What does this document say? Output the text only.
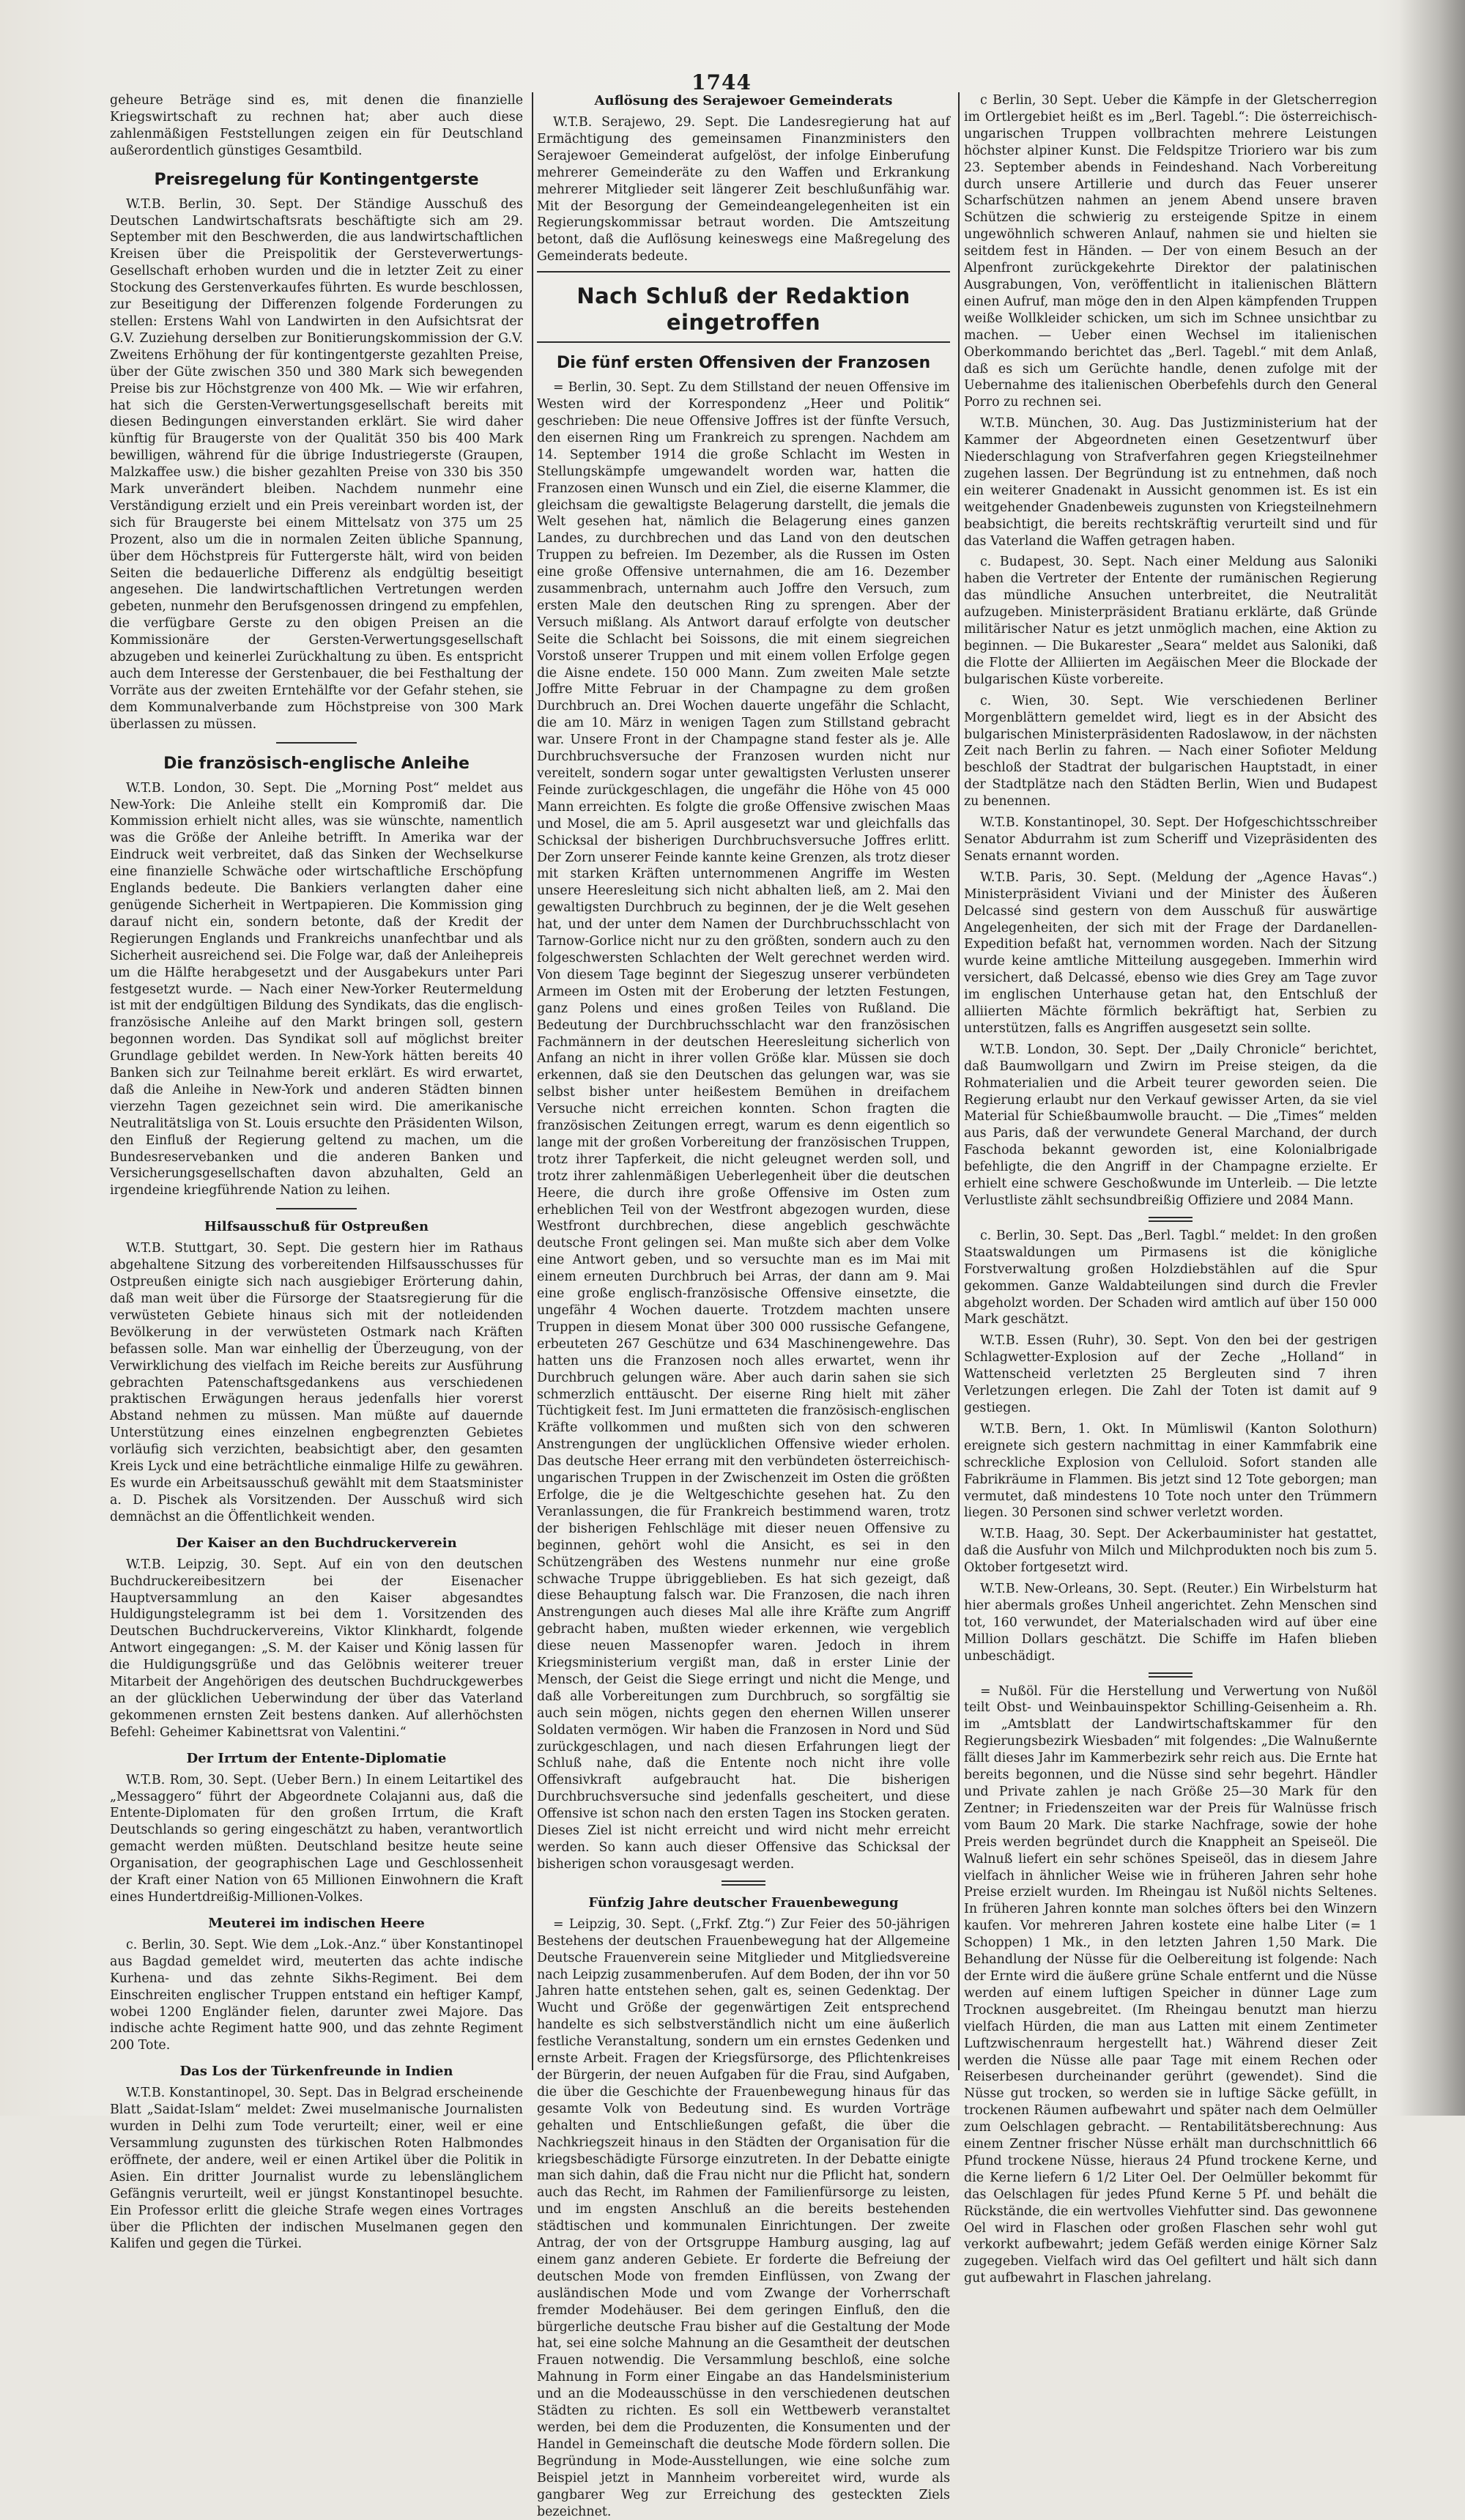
1744

geheure Beträge sind es, mit denen die finanzielle Kriegswirtschaft zu rechnen hat; aber auch diese zahlenmäßigen Feststellungen zeigen ein für Deutschland außerordentlich günstiges Gesamtbild.

Preisregelung für Kontingentgerste

W.T.B. Berlin, 30. Sept. Der Ständige Ausschuß des Deutschen Landwirtschaftsrats beschäftigte sich am 29. September mit den Beschwerden, die aus landwirtschaftlichen Kreisen über die Preispolitik der Gersteverwertungs-Gesellschaft erhoben wurden und die in letzter Zeit zu einer Stockung des Gerstenverkaufes führten. Es wurde beschlossen, zur Beseitigung der Differenzen folgende Forderungen zu stellen: Erstens Wahl von Landwirten in den Aufsichtsrat der G.V. Zuziehung derselben zur Bonitierungskommission der G.V. Zweitens Erhöhung der für kontingentgerste gezahlten Preise, über der Güte zwischen 350 und 380 Mark sich bewegenden Preise bis zur Höchstgrenze von 400 Mk. — Wie wir erfahren, hat sich die Gersten-Verwertungsgesellschaft bereits mit diesen Bedingungen einverstanden erklärt. Sie wird daher künftig für Braugerste von der Qualität 350 bis 400 Mark bewilligen, während für die übrige Industriegerste (Graupen, Malzkaffee usw.) die bisher gezahlten Preise von 330 bis 350 Mark unverändert bleiben. Nachdem nunmehr eine Verständigung erzielt und ein Preis vereinbart worden ist, der sich für Braugerste bei einem Mittelsatz von 375 um 25 Prozent, also um die in normalen Zeiten übliche Spannung, über dem Höchstpreis für Futtergerste hält, wird von beiden Seiten die bedauerliche Differenz als endgültig beseitigt angesehen. Die landwirtschaftlichen Vertretungen werden gebeten, nunmehr den Berufsgenossen dringend zu empfehlen, die verfügbare Gerste zu den obigen Preisen an die Kommissionäre der Gersten-Verwertungsgesellschaft abzugeben und keinerlei Zurückhaltung zu üben. Es entspricht auch dem Interesse der Gerstenbauer, die bei Festhaltung der Vorräte aus der zweiten Erntehälfte vor der Gefahr stehen, sie dem Kommunalverbande zum Höchstpreise von 300 Mark überlassen zu müssen.

Die französisch-englische Anleihe

W.T.B. London, 30. Sept. Die „Morning Post“ meldet aus New-York: Die Anleihe stellt ein Kompromiß dar. Die Kommission erhielt nicht alles, was sie wünschte, namentlich was die Größe der Anleihe betrifft. In Amerika war der Eindruck weit verbreitet, daß das Sinken der Wechselkurse eine finanzielle Schwäche oder wirtschaftliche Erschöpfung Englands bedeute. Die Bankiers verlangten daher eine genügende Sicherheit in Wertpapieren. Die Kommission ging darauf nicht ein, sondern betonte, daß der Kredit der Regierungen Englands und Frankreichs unanfechtbar und als Sicherheit ausreichend sei. Die Folge war, daß der Anleihepreis um die Hälfte herabgesetzt und der Ausgabekurs unter Pari festgesetzt wurde. — Nach einer New-Yorker Reutermeldung ist mit der endgültigen Bildung des Syndikats, das die englisch-französische Anleihe auf den Markt bringen soll, gestern begonnen worden. Das Syndikat soll auf möglichst breiter Grundlage gebildet werden. In New-York hätten bereits 40 Banken sich zur Teilnahme bereit erklärt. Es wird erwartet, daß die Anleihe in New-York und anderen Städten binnen vierzehn Tagen gezeichnet sein wird. Die amerikanische Neutralitätsliga von St. Louis ersuchte den Präsidenten Wilson, den Einfluß der Regierung geltend zu machen, um die Bundesreservebanken und die anderen Banken und Versicherungsgesellschaften davon abzuhalten, Geld an irgendeine kriegführende Nation zu leihen.

Hilfsausschuß für Ostpreußen

W.T.B. Stuttgart, 30. Sept. Die gestern hier im Rathaus abgehaltene Sitzung des vorbereitenden Hilfsausschusses für Ostpreußen einigte sich nach ausgiebiger Erörterung dahin, daß man weit über die Fürsorge der Staatsregierung für die verwüsteten Gebiete hinaus sich mit der notleidenden Bevölkerung in der verwüsteten Ostmark nach Kräften befassen solle. Man war einhellig der Überzeugung, von der Verwirklichung des vielfach im Reiche bereits zur Ausführung gebrachten Patenschaftsgedankens aus verschiedenen praktischen Erwägungen heraus jedenfalls hier vorerst Abstand nehmen zu müssen. Man müßte auf dauernde Unterstützung eines einzelnen engbegrenzten Gebietes vorläufig sich verzichten, beabsichtigt aber, den gesamten Kreis Lyck und eine beträchtliche einmalige Hilfe zu gewähren. Es wurde ein Arbeitsausschuß gewählt mit dem Staatsminister a. D. Pischek als Vorsitzenden. Der Ausschuß wird sich demnächst an die Öffentlichkeit wenden.

Der Kaiser an den Buchdruckerverein

W.T.B. Leipzig, 30. Sept. Auf ein von den deutschen Buchdruckereibesitzern bei der Eisenacher Hauptversammlung an den Kaiser abgesandtes Huldigungstelegramm ist bei dem 1. Vorsitzenden des Deutschen Buchdruckervereins, Viktor Klinkhardt, folgende Antwort eingegangen: „S. M. der Kaiser und König lassen für die Huldigungsgrüße und das Gelöbnis weiterer treuer Mitarbeit der Angehörigen des deutschen Buchdruckgewerbes an der glücklichen Ueberwindung der über das Vaterland gekommenen ernsten Zeit bestens danken. Auf allerhöchsten Befehl: Geheimer Kabinettsrat von Valentini.“

Der Irrtum der Entente-Diplomatie

W.T.B. Rom, 30. Sept. (Ueber Bern.) In einem Leitartikel des „Messaggero“ führt der Abgeordnete Colajanni aus, daß die Entente-Diplomaten für den großen Irrtum, die Kraft Deutschlands so gering eingeschätzt zu haben, verantwortlich gemacht werden müßten. Deutschland besitze heute seine Organisation, der geographischen Lage und Geschlossenheit der Kraft einer Nation von 65 Millionen Einwohnern die Kraft eines Hundertdreißig-Millionen-Volkes.

Meuterei im indischen Heere

c. Berlin, 30. Sept. Wie dem „Lok.-Anz.“ über Konstantinopel aus Bagdad gemeldet wird, meuterten das achte indische Kurhena- und das zehnte Sikhs-Regiment. Bei dem Einschreiten englischer Truppen entstand ein heftiger Kampf, wobei 1200 Engländer fielen, darunter zwei Majore. Das indische achte Regiment hatte 900, und das zehnte Regiment 200 Tote.

Das Los der Türkenfreunde in Indien

W.T.B. Konstantinopel, 30. Sept. Das in Belgrad erscheinende Blatt „Saidat-Islam“ meldet: Zwei muselmanische Journalisten wurden in Delhi zum Tode verurteilt; einer, weil er eine Versammlung zugunsten des türkischen Roten Halbmondes eröffnete, der andere, weil er einen Artikel über die Politik in Asien. Ein dritter Journalist wurde zu lebenslänglichem Gefängnis verurteilt, weil er jüngst Konstantinopel besuchte. Ein Professor erlitt die gleiche Strafe wegen eines Vortrages über die Pflichten der indischen Muselmanen gegen den Kalifen und gegen die Türkei.

Auflösung des Serajewoer Gemeinderats

W.T.B. Serajewo, 29. Sept. Die Landesregierung hat auf Ermächtigung des gemeinsamen Finanzministers den Serajewoer Gemeinderat aufgelöst, der infolge Einberufung mehrerer Gemeinderäte zu den Waffen und Erkrankung mehrerer Mitglieder seit längerer Zeit beschlußunfähig war. Mit der Besorgung der Gemeindeangelegenheiten ist ein Regierungskommissar betraut worden. Die Amtszeitung betont, daß die Auflösung keineswegs eine Maßregelung des Gemeinderats bedeute.

Nach Schluß der Redaktion eingetroffen
Die fünf ersten Offensiven der Franzosen

= Berlin, 30. Sept. Zu dem Stillstand der neuen Offensive im Westen wird der Korrespondenz „Heer und Politik“ geschrieben: Die neue Offensive Joffres ist der fünfte Versuch, den eisernen Ring um Frankreich zu sprengen. Nachdem am 14. September 1914 die große Schlacht im Westen in Stellungskämpfe umgewandelt worden war, hatten die Franzosen einen Wunsch und ein Ziel, die eiserne Klammer, die gleichsam die gewaltigste Belagerung darstellt, die jemals die Welt gesehen hat, nämlich die Belagerung eines ganzen Landes, zu durchbrechen und das Land von den deutschen Truppen zu befreien. Im Dezember, als die Russen im Osten eine große Offensive unternahmen, die am 16. Dezember zusammenbrach, unternahm auch Joffre den Versuch, zum ersten Male den deutschen Ring zu sprengen. Aber der Versuch mißlang. Als Antwort darauf erfolgte von deutscher Seite die Schlacht bei Soissons, die mit einem siegreichen Vorstoß unserer Truppen und mit einem vollen Erfolge gegen die Aisne endete. 150 000 Mann. Zum zweiten Male setzte Joffre Mitte Februar in der Champagne zu dem großen Durchbruch an. Drei Wochen dauerte ungefähr die Schlacht, die am 10. März in wenigen Tagen zum Stillstand gebracht war. Unsere Front in der Champagne stand fester als je. Alle Durchbruchsversuche der Franzosen wurden nicht nur vereitelt, sondern sogar unter gewaltigsten Verlusten unserer Feinde zurückgeschlagen, die ungefähr die Höhe von 45 000 Mann erreichten. Es folgte die große Offensive zwischen Maas und Mosel, die am 5. April ausgesetzt war und gleichfalls das Schicksal der bisherigen Durchbruchsversuche Joffres erlitt. Der Zorn unserer Feinde kannte keine Grenzen, als trotz dieser mit starken Kräften unternommenen Angriffe im Westen unsere Heeresleitung sich nicht abhalten ließ, am 2. Mai den gewaltigsten Durchbruch zu beginnen, der je die Welt gesehen hat, und der unter dem Namen der Durchbruchsschlacht von Tarnow-Gorlice nicht nur zu den größten, sondern auch zu den folgeschwersten Schlachten der Welt gerechnet werden wird. Von diesem Tage beginnt der Siegeszug unserer verbündeten Armeen im Osten mit der Eroberung der letzten Festungen, ganz Polens und eines großen Teiles von Rußland. Die Bedeutung der Durchbruchsschlacht war den französischen Fachmännern in der deutschen Heeresleitung sicherlich von Anfang an nicht in ihrer vollen Größe klar. Müssen sie doch erkennen, daß sie den Deutschen das gelungen war, was sie selbst bisher unter heißestem Bemühen in dreifachem Versuche nicht erreichen konnten. Schon fragten die französischen Zeitungen erregt, warum es denn eigentlich so lange mit der großen Vorbereitung der französischen Truppen, trotz ihrer Tapferkeit, die nicht geleugnet werden soll, und trotz ihrer zahlenmäßigen Ueberlegenheit über die deutschen Heere, die durch ihre große Offensive im Osten zum erheblichen Teil von der Westfront abgezogen wurden, diese Westfront durchbrechen, diese angeblich geschwächte deutsche Front gelingen sei. Man mußte sich aber dem Volke eine Antwort geben, und so versuchte man es im Mai mit einem erneuten Durchbruch bei Arras, der dann am 9. Mai eine große englisch-französische Offensive einsetzte, die ungefähr 4 Wochen dauerte. Trotzdem machten unsere Truppen in diesem Monat über 300 000 russische Gefangene, erbeuteten 267 Geschütze und 634 Maschinengewehre. Das hatten uns die Franzosen noch alles erwartet, wenn ihr Durchbruch gelungen wäre. Aber auch darin sahen sie sich schmerzlich enttäuscht. Der eiserne Ring hielt mit zäher Tüchtigkeit fest. Im Juni ermatteten die französisch-englischen Kräfte vollkommen und mußten sich von den schweren Anstrengungen der unglücklichen Offensive wieder erholen. Das deutsche Heer errang mit den verbündeten österreichisch-ungarischen Truppen in der Zwischenzeit im Osten die größten Erfolge, die je die Weltgeschichte gesehen hat. Zu den Veranlassungen, die für Frankreich bestimmend waren, trotz der bisherigen Fehlschläge mit dieser neuen Offensive zu beginnen, gehört wohl die Ansicht, es sei in den Schützengräben des Westens nunmehr nur eine große schwache Truppe übriggeblieben. Es hat sich gezeigt, daß diese Behauptung falsch war. Die Franzosen, die nach ihren Anstrengungen auch dieses Mal alle ihre Kräfte zum Angriff gebracht haben, mußten wieder erkennen, wie vergeblich diese neuen Massenopfer waren. Jedoch in ihrem Kriegsministerium vergißt man, daß in erster Linie der Mensch, der Geist die Siege erringt und nicht die Menge, und daß alle Vorbereitungen zum Durchbruch, so sorgfältig sie auch sein mögen, nichts gegen den ehernen Willen unserer Soldaten vermögen. Wir haben die Franzosen in Nord und Süd zurückgeschlagen, und nach diesen Erfahrungen liegt der Schluß nahe, daß die Entente noch nicht ihre volle Offensivkraft aufgebraucht hat. Die bisherigen Durchbruchsversuche sind jedenfalls gescheitert, und diese Offensive ist schon nach den ersten Tagen ins Stocken geraten. Dieses Ziel ist nicht erreicht und wird nicht mehr erreicht werden. So kann auch dieser Offensive das Schicksal der bisherigen schon vorausgesagt werden.

Fünfzig Jahre deutscher Frauenbewegung

= Leipzig, 30. Sept. („Frkf. Ztg.“) Zur Feier des 50-jährigen Bestehens der deutschen Frauenbewegung hat der Allgemeine Deutsche Frauenverein seine Mitglieder und Mitgliedsvereine nach Leipzig zusammenberufen. Auf dem Boden, der ihn vor 50 Jahren hatte entstehen sehen, galt es, seinen Gedenktag. Der Wucht und Größe der gegenwärtigen Zeit entsprechend handelte es sich selbstverständlich nicht um eine äußerlich festliche Veranstaltung, sondern um ein ernstes Gedenken und ernste Arbeit. Fragen der Kriegsfürsorge, des Pflichtenkreises der Bürgerin, der neuen Aufgaben für die Frau, sind Aufgaben, die über die Geschichte der Frauenbewegung hinaus für das gesamte Volk von Bedeutung sind. Es wurden Vorträge gehalten und Entschließungen gefaßt, die über die Nachkriegszeit hinaus in den Städten der Organisation für die kriegsbeschädigte Fürsorge einzutreten. In der Debatte einigte man sich dahin, daß die Frau nicht nur die Pflicht hat, sondern auch das Recht, im Rahmen der Familienfürsorge zu leisten, und im engsten Anschluß an die bereits bestehenden städtischen und kommunalen Einrichtungen. Der zweite Antrag, der von der Ortsgruppe Hamburg ausging, lag auf einem ganz anderen Gebiete. Er forderte die Befreiung der deutschen Mode von fremden Einflüssen, von Zwang der ausländischen Mode und vom Zwange der Vorherrschaft fremder Modehäuser. Bei dem geringen Einfluß, den die bürgerliche deutsche Frau bisher auf die Gestaltung der Mode hat, sei eine solche Mahnung an die Gesamtheit der deutschen Frauen notwendig. Die Versammlung beschloß, eine solche Mahnung in Form einer Eingabe an das Handelsministerium und an die Modeausschüsse in den verschiedenen deutschen Städten zu richten. Es soll ein Wettbewerb veranstaltet werden, bei dem die Produzenten, die Konsumenten und der Handel in Gemeinschaft die deutsche Mode fördern sollen. Die Begründung in Mode-Ausstellungen, wie eine solche zum Beispiel jetzt in Mannheim vorbereitet wird, wurde als gangbarer Weg zur Erreichung des gesteckten Ziels bezeichnet.

c Berlin, 30 Sept. Ueber die Kämpfe in der Gletscherregion im Ortlergebiet heißt es im „Berl. Tagebl.“: Die österreichisch-ungarischen Truppen vollbrachten mehrere Leistungen höchster alpiner Kunst. Die Feldspitze Trioriero war bis zum 23. September abends in Feindeshand. Nach Vorbereitung durch unsere Artillerie und durch das Feuer unserer Scharfschützen nahmen an jenem Abend unsere braven Schützen die schwierig zu ersteigende Spitze in einem ungewöhnlich schweren Anlauf, nahmen sie und hielten sie seitdem fest in Händen. — Der von einem Besuch an der Alpenfront zurückgekehrte Direktor der palatinischen Ausgrabungen, Von, veröffentlicht in italienischen Blättern einen Aufruf, man möge den in den Alpen kämpfenden Truppen weiße Wollkleider schicken, um sich im Schnee unsichtbar zu machen. — Ueber einen Wechsel im italienischen Oberkommando berichtet das „Berl. Tagebl.“ mit dem Anlaß, daß es sich um Gerüchte handle, denen zufolge mit der Uebernahme des italienischen Oberbefehls durch den General Porro zu rechnen sei.

W.T.B. München, 30. Aug. Das Justizministerium hat der Kammer der Abgeordneten einen Gesetzentwurf über Niederschlagung von Strafverfahren gegen Kriegsteilnehmer zugehen lassen. Der Begründung ist zu entnehmen, daß noch ein weiterer Gnadenakt in Aussicht genommen ist. Es ist ein weitgehender Gnadenbeweis zugunsten von Kriegsteilnehmern beabsichtigt, die bereits rechtskräftig verurteilt sind und für das Vaterland die Waffen getragen haben.

c. Budapest, 30. Sept. Nach einer Meldung aus Saloniki haben die Vertreter der Entente der rumänischen Regierung das mündliche Ansuchen unterbreitet, die Neutralität aufzugeben. Ministerpräsident Bratianu erklärte, daß Gründe militärischer Natur es jetzt unmöglich machen, eine Aktion zu beginnen. — Die Bukarester „Seara“ meldet aus Saloniki, daß die Flotte der Alliierten im Aegäischen Meer die Blockade der bulgarischen Küste vorbereite.

c. Wien, 30. Sept. Wie verschiedenen Berliner Morgenblättern gemeldet wird, liegt es in der Absicht des bulgarischen Ministerpräsidenten Radoslawow, in der nächsten Zeit nach Berlin zu fahren. — Nach einer Sofioter Meldung beschloß der Stadtrat der bulgarischen Hauptstadt, in einer der Stadtplätze nach den Städten Berlin, Wien und Budapest zu benennen.

W.T.B. Konstantinopel, 30. Sept. Der Hofgeschichtsschreiber Senator Abdurrahm ist zum Scheriff und Vizepräsidenten des Senats ernannt worden.

W.T.B. Paris, 30. Sept. (Meldung der „Agence Havas“.) Ministerpräsident Viviani und der Minister des Äußeren Delcassé sind gestern von dem Ausschuß für auswärtige Angelegenheiten, der sich mit der Frage der Dardanellen-Expedition befaßt hat, vernommen worden. Nach der Sitzung wurde keine amtliche Mitteilung ausgegeben. Immerhin wird versichert, daß Delcassé, ebenso wie dies Grey am Tage zuvor im englischen Unterhause getan hat, den Entschluß der alliierten Mächte förmlich bekräftigt hat, Serbien zu unterstützen, falls es Angriffen ausgesetzt sein sollte.

W.T.B. London, 30. Sept. Der „Daily Chronicle“ berichtet, daß Baumwollgarn und Zwirn im Preise steigen, da die Rohmaterialien und die Arbeit teurer geworden seien. Die Regierung erlaubt nur den Verkauf gewisser Arten, da sie viel Material für Schießbaumwolle braucht. — Die „Times“ melden aus Paris, daß der verwundete General Marchand, der durch Faschoda bekannt geworden ist, eine Kolonialbrigade befehligte, die den Angriff in der Champagne erzielte. Er erhielt eine schwere Geschoßwunde im Unterleib. — Die letzte Verlustliste zählt sechsundbreißig Offiziere und 2084 Mann.

c. Berlin, 30. Sept. Das „Berl. Tagbl.“ meldet: In den großen Staatswaldungen um Pirmasens ist die königliche Forstverwaltung großen Holzdiebstählen auf die Spur gekommen. Ganze Waldabteilungen sind durch die Frevler abgeholzt worden. Der Schaden wird amtlich auf über 150 000 Mark geschätzt.

W.T.B. Essen (Ruhr), 30. Sept. Von den bei der gestrigen Schlagwetter-Explosion auf der Zeche „Holland“ in Wattenscheid verletzten 25 Bergleuten sind 7 ihren Verletzungen erlegen. Die Zahl der Toten ist damit auf 9 gestiegen.

W.T.B. Bern, 1. Okt. In Mümliswil (Kanton Solothurn) ereignete sich gestern nachmittag in einer Kammfabrik eine schreckliche Explosion von Celluloid. Sofort standen alle Fabrikräume in Flammen. Bis jetzt sind 12 Tote geborgen; man vermutet, daß mindestens 10 Tote noch unter den Trümmern liegen. 30 Personen sind schwer verletzt worden.

W.T.B. Haag, 30. Sept. Der Ackerbauminister hat gestattet, daß die Ausfuhr von Milch und Milchprodukten noch bis zum 5. Oktober fortgesetzt wird.

W.T.B. New-Orleans, 30. Sept. (Reuter.) Ein Wirbelsturm hat hier abermals großes Unheil angerichtet. Zehn Menschen sind tot, 160 verwundet, der Materialschaden wird auf über eine Million Dollars geschätzt. Die Schiffe im Hafen blieben unbeschädigt.

= Nußöl. Für die Herstellung und Verwertung von Nußöl teilt Obst- und Weinbauinspektor Schilling-Geisenheim a. Rh. im „Amtsblatt der Landwirtschaftskammer für den Regierungsbezirk Wiesbaden“ mit folgendes: „Die Walnußernte fällt dieses Jahr im Kammerbezirk sehr reich aus. Die Ernte hat bereits begonnen, und die Nüsse sind sehr begehrt. Händler und Private zahlen je nach Größe 25—30 Mark für den Zentner; in Friedenszeiten war der Preis für Walnüsse frisch vom Baum 20 Mark. Die starke Nachfrage, sowie der hohe Preis werden begründet durch die Knappheit an Speiseöl. Die Walnuß liefert ein sehr schönes Speiseöl, das in diesem Jahre vielfach in ähnlicher Weise wie in früheren Jahren sehr hohe Preise erzielt wurden. Im Rheingau ist Nußöl nichts Seltenes. In früheren Jahren konnte man solches öfters bei den Winzern kaufen. Vor mehreren Jahren kostete eine halbe Liter (= 1 Schoppen) 1 Mk., in den letzten Jahren 1,50 Mark. Die Behandlung der Nüsse für die Oelbereitung ist folgende: Nach der Ernte wird die äußere grüne Schale entfernt und die Nüsse werden auf einem luftigen Speicher in dünner Lage zum Trocknen ausgebreitet. (Im Rheingau benutzt man hierzu vielfach Hürden, die man aus Latten mit einem Zentimeter Luftzwischenraum hergestellt hat.) Während dieser Zeit werden die Nüsse alle paar Tage mit einem Rechen oder Reiserbesen durcheinander gerührt (gewendet). Sind die Nüsse gut trocken, so werden sie in luftige Säcke gefüllt, in trockenen Räumen aufbewahrt und später nach dem Oelmüller zum Oelschlagen gebracht. — Rentabilitätsberechnung: Aus einem Zentner frischer Nüsse erhält man durchschnittlich 66 Pfund trockene Nüsse, hieraus 24 Pfund trockene Kerne, und die Kerne liefern 6 1/2 Liter Oel. Der Oelmüller bekommt für das Oelschlagen für jedes Pfund Kerne 5 Pf. und behält die Rückstände, die ein wertvolles Viehfutter sind. Das gewonnene Oel wird in Flaschen oder großen Flaschen sehr wohl gut verkorkt aufbewahrt; jedem Gefäß werden einige Körner Salz zugegeben. Vielfach wird das Oel gefiltert und hält sich dann gut aufbewahrt in Flaschen jahrelang.
